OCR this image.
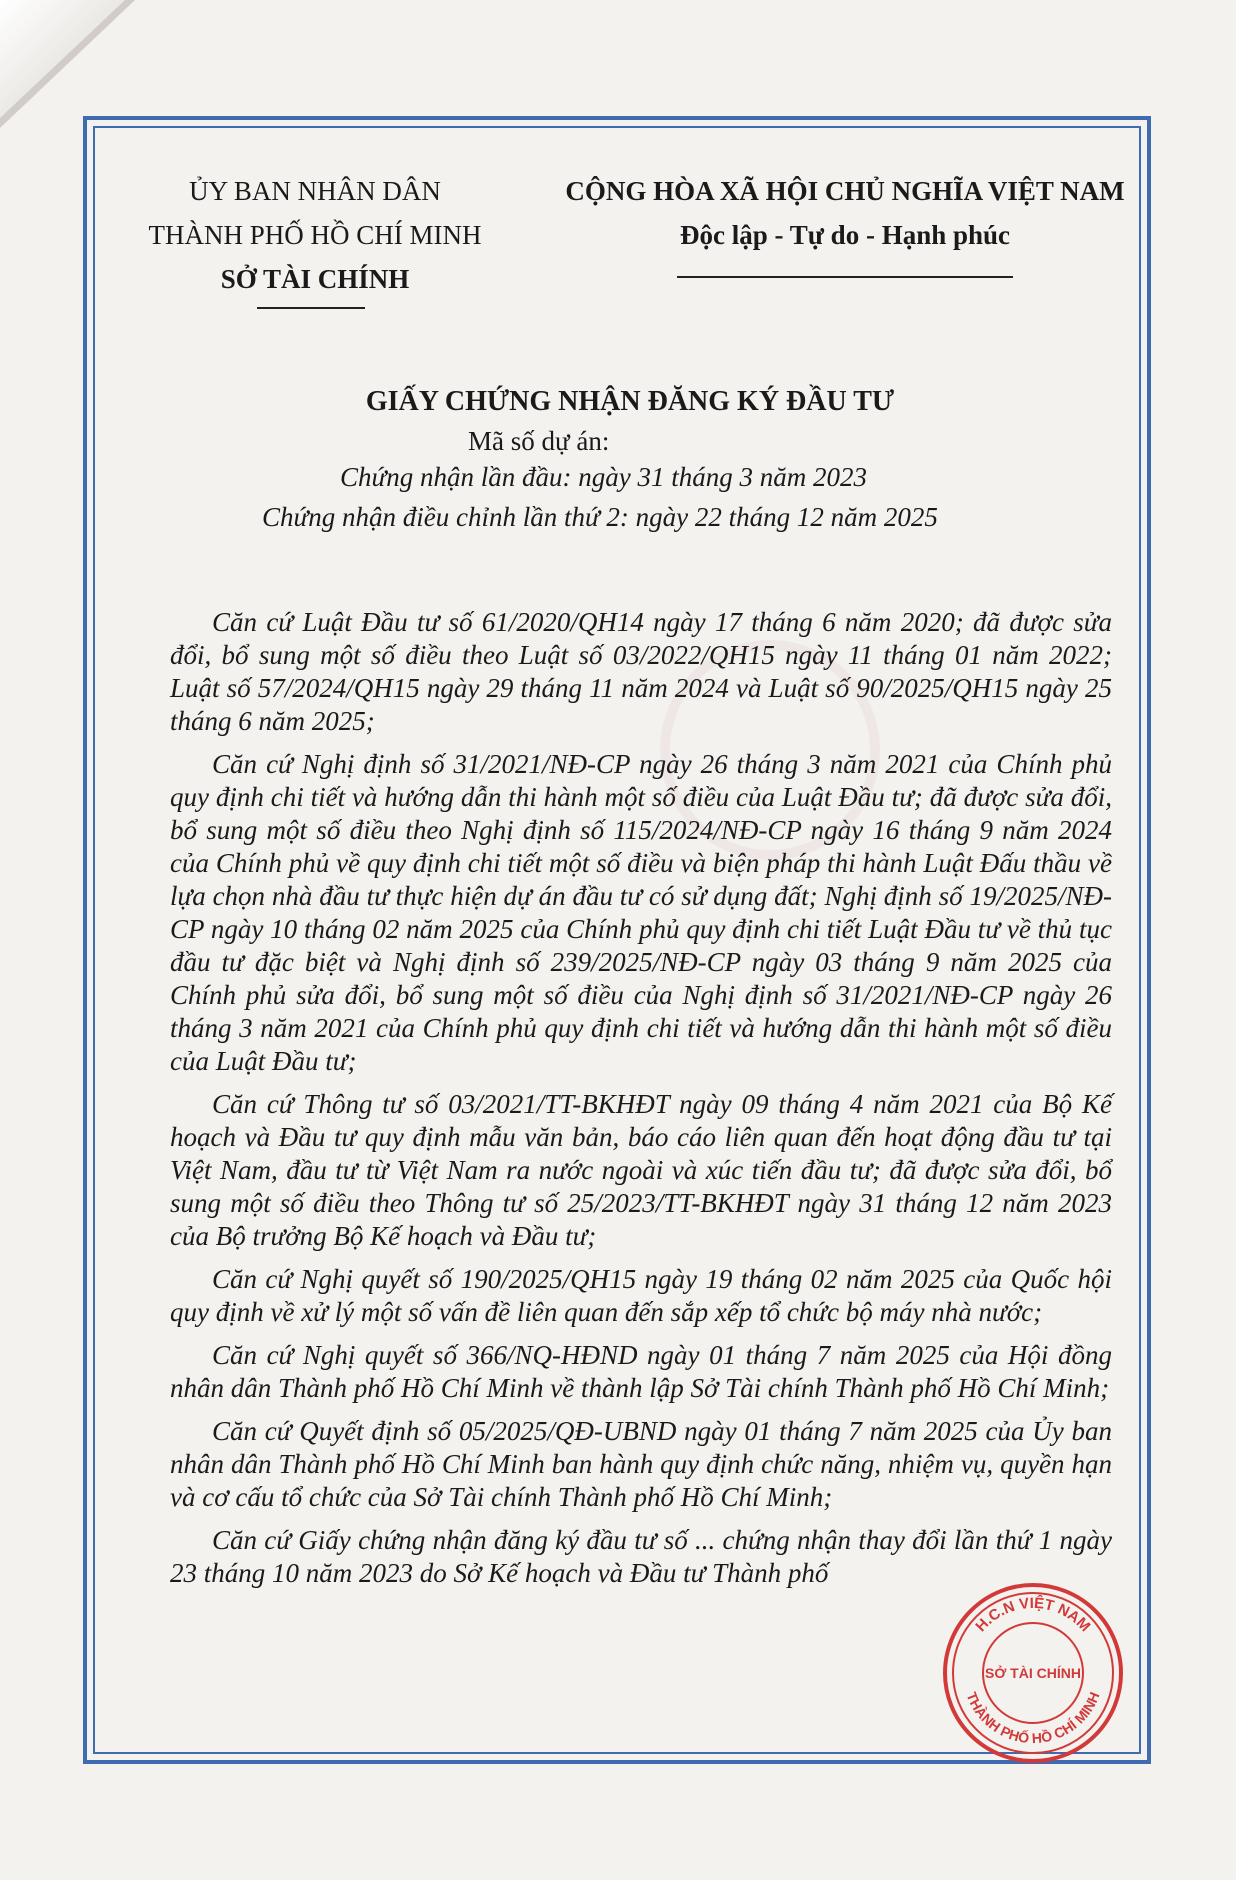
ỦY BAN NHÂN DÂN
THÀNH PHỐ HỒ CHÍ MINH
SỞ TÀI CHÍNH
CỘNG HÒA XÃ HỘI CHỦ NGHĨA VIỆT NAM
Độc lập - Tự do - Hạnh phúc
GIẤY CHỨNG NHẬN ĐĂNG KÝ ĐẦU TƯ
Mã số dự án:
Chứng nhận lần đầu: ngày 31 tháng 3 năm 2023
Chứng nhận điều chỉnh lần thứ 2: ngày 22 tháng 12 năm 2025

Căn cứ Luật Đầu tư số 61/2020/QH14 ngày 17 tháng 6 năm 2020; đã được sửa đổi, bổ sung một số điều theo Luật số 03/2022/QH15 ngày 11 tháng 01 năm 2022; Luật số 57/2024/QH15 ngày 29 tháng 11 năm 2024 và Luật số 90/2025/QH15 ngày 25 tháng 6 năm 2025;

Căn cứ Nghị định số 31/2021/NĐ-CP ngày 26 tháng 3 năm 2021 của Chính phủ quy định chi tiết và hướng dẫn thi hành một số điều của Luật Đầu tư; đã được sửa đổi, bổ sung một số điều theo Nghị định số 115/2024/NĐ-CP ngày 16 tháng 9 năm 2024 của Chính phủ về quy định chi tiết một số điều và biện pháp thi hành Luật Đấu thầu về lựa chọn nhà đầu tư thực hiện dự án đầu tư có sử dụng đất; Nghị định số 19/2025/NĐ-CP ngày 10 tháng 02 năm 2025 của Chính phủ quy định chi tiết Luật Đầu tư về thủ tục đầu tư đặc biệt và Nghị định số 239/2025/NĐ-CP ngày 03 tháng 9 năm 2025 của Chính phủ sửa đổi, bổ sung một số điều của Nghị định số 31/2021/NĐ-CP ngày 26 tháng 3 năm 2021 của Chính phủ quy định chi tiết và hướng dẫn thi hành một số điều của Luật Đầu tư;

Căn cứ Thông tư số 03/2021/TT-BKHĐT ngày 09 tháng 4 năm 2021 của Bộ Kế hoạch và Đầu tư quy định mẫu văn bản, báo cáo liên quan đến hoạt động đầu tư tại Việt Nam, đầu tư từ Việt Nam ra nước ngoài và xúc tiến đầu tư; đã được sửa đổi, bổ sung một số điều theo Thông tư số 25/2023/TT-BKHĐT ngày 31 tháng 12 năm 2023 của Bộ trưởng Bộ Kế hoạch và Đầu tư;

Căn cứ Nghị quyết số 190/2025/QH15 ngày 19 tháng 02 năm 2025 của Quốc hội quy định về xử lý một số vấn đề liên quan đến sắp xếp tổ chức bộ máy nhà nước;

Căn cứ Nghị quyết số 366/NQ-HĐND ngày 01 tháng 7 năm 2025 của Hội đồng nhân dân Thành phố Hồ Chí Minh về thành lập Sở Tài chính Thành phố Hồ Chí Minh;

Căn cứ Quyết định số 05/2025/QĐ-UBND ngày 01 tháng 7 năm 2025 của Ủy ban nhân dân Thành phố Hồ Chí Minh ban hành quy định chức năng, nhiệm vụ, quyền hạn và cơ cấu tổ chức của Sở Tài chính Thành phố Hồ Chí Minh;

Căn cứ Giấy chứng nhận đăng ký đầu tư số ... chứng nhận thay đổi lần thứ 1 ngày 23 tháng 10 năm 2023 do Sở Kế hoạch và Đầu tư Thành phố

H.C.N VIỆT NAM
SỞ TÀI CHÍNH
THÀNH PHỐ HỒ CHÍ MINH
